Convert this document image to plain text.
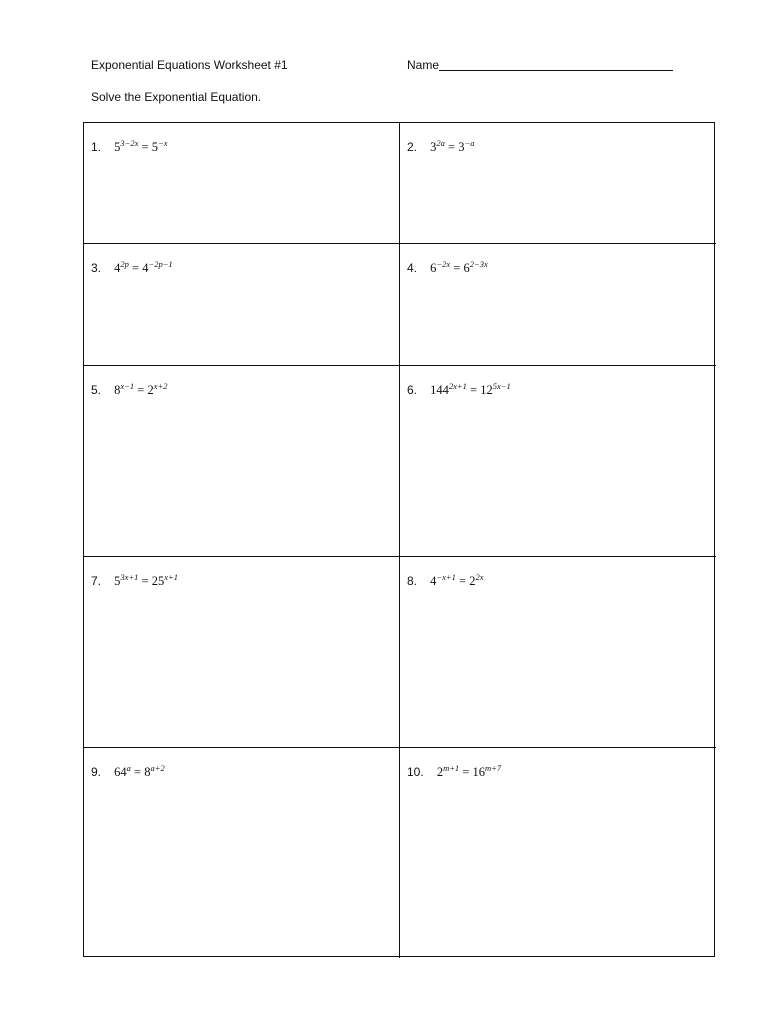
Exponential Equations Worksheet #1	Name
Solve the Exponential Equation.
1. $5^{3-2x} = 5^{-x}$	2. $3^{2a} = 3^{-a}$
3. $4^{2p} = 4^{-2p-1}$	4. $6^{-2x} = 6^{2-3x}$
5. $8^{x-1} = 2^{x+2}$	6. $144^{2x+1} = 12^{5x-1}$
7. $5^{3x+1} = 25^{x+1}$	8. $4^{-x+1} = 2^{2x}$
9. $64^a = 8^{a+2}$	10. $2^{m+1} = 16^{m+7}$
